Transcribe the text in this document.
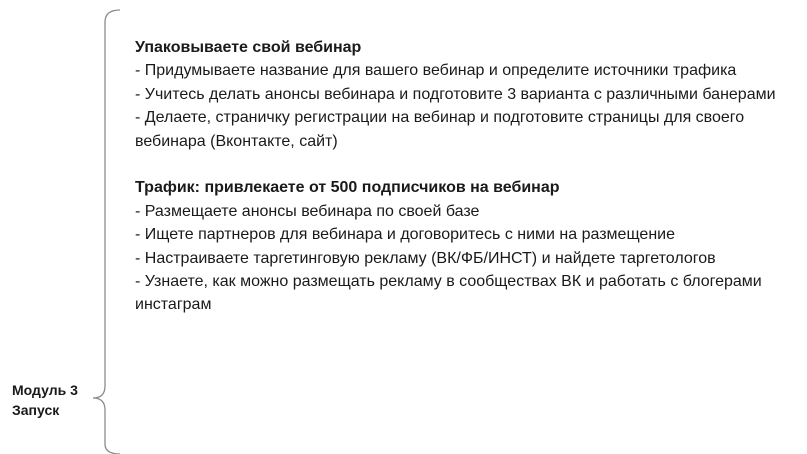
Модуль 3
Запуск
Упаковываете свой вебинар

- Придумываете название для вашего вебинар и определите источники трафика

- Учитесь делать анонсы вебинара и подготовите 3 варианта с различными банерами

- Делаете, страничку регистрации на вебинар и подготовите страницы для своего вебинара (Вконтакте, сайт)

Трафик: привлекаете от 500 подписчиков на вебинар

- Размещаете анонсы вебинара по своей базе

- Ищете партнеров для вебинара и договоритесь с ними на размещение

- Настраиваете таргетинговую рекламу (ВК/ФБ/ИНСТ) и найдете таргетологов

- Узнаете, как можно размещать рекламу в сообществах ВК и работать с блогерами инстаграм
